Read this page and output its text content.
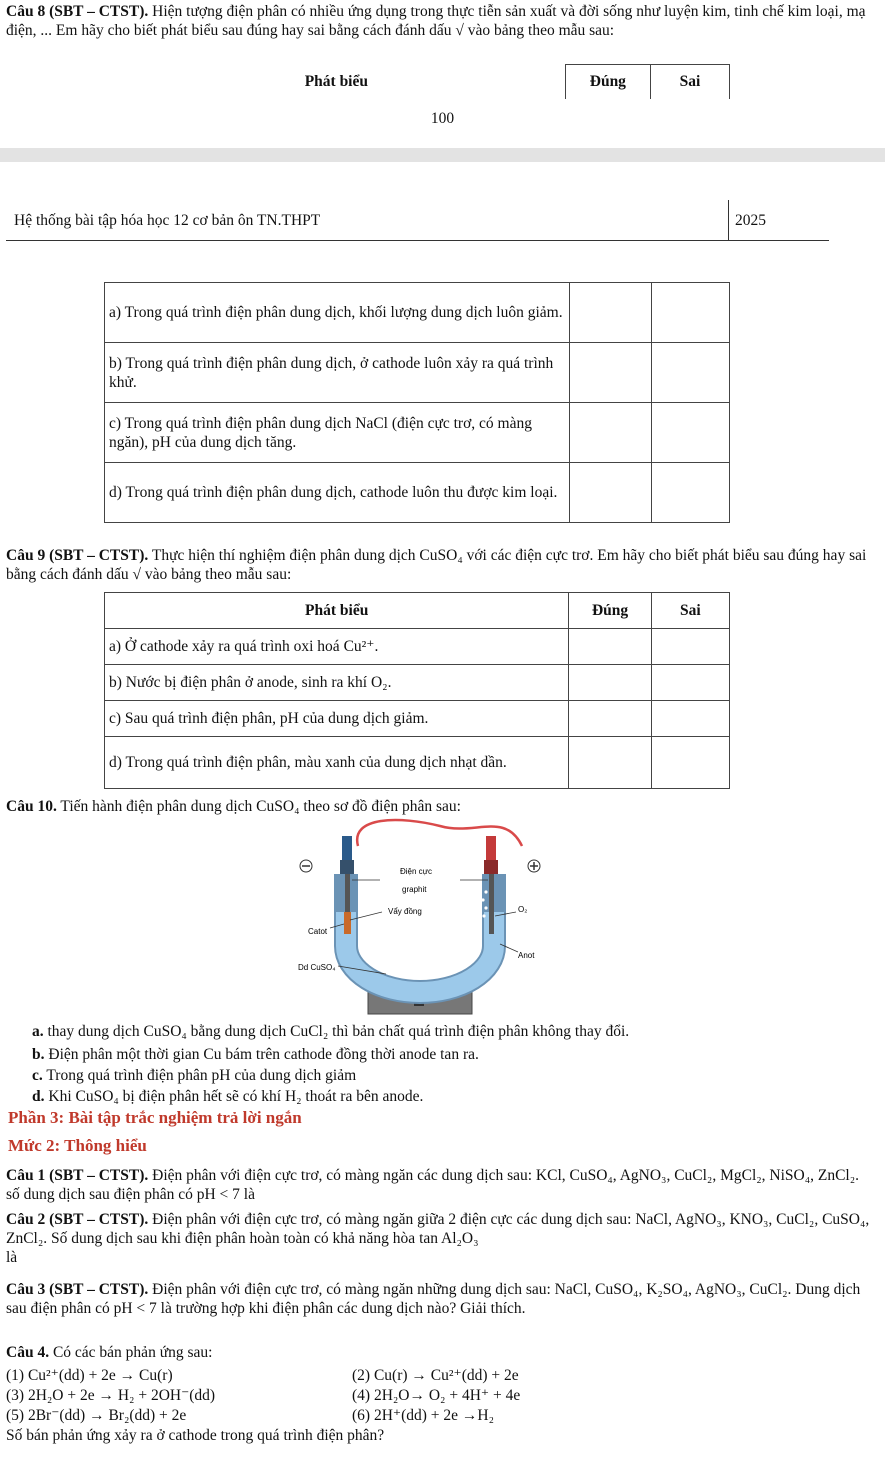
Câu 8 (SBT – CTST). Hiện tượng điện phân có nhiều ứng dụng trong thực tiễn sản xuất và đời sống như luyện kim, tinh chế kim loại, mạ điện, ... Em hãy cho biết phát biểu sau đúng hay sai bằng cách đánh dấu √ vào bảng theo mẫu sau:
Phát biểu	Đúng	Sai
100
Hệ thống bài tập hóa học 12 cơ bản ôn TN.THPT	2025
a) Trong quá trình điện phân dung dịch, khối lượng dung dịch luôn giảm.		
b) Trong quá trình điện phân dung dịch, ở cathode luôn xảy ra quá trình khử.		
c) Trong quá trình điện phân dung dịch NaCl (điện cực trơ, có màng ngăn), pH của dung dịch tăng.		
d) Trong quá trình điện phân dung dịch, cathode luôn thu được kim loại.		
Câu 9 (SBT – CTST). Thực hiện thí nghiệm điện phân dung dịch CuSO₄ với các điện cực trơ. Em hãy cho biết phát biểu sau đúng hay sai bằng cách đánh dấu √ vào bảng theo mẫu sau:
Phát biểu	Đúng	Sai
a) Ở cathode xảy ra quá trình oxi hoá Cu²⁺.		
b) Nước bị điện phân ở anode, sinh ra khí O₂.		
c) Sau quá trình điện phân, pH của dung dịch giảm.		
d) Trong quá trình điện phân, màu xanh của dung dịch nhạt dần.		
Câu 10. Tiến hành điện phân dung dịch CuSO₄ theo sơ đồ điện phân sau:
Điện cực
graphit
Vẩy đồng	O₂
Catot
Anot
Dd CuSO₄
a. thay dung dịch CuSO₄ bằng dung dịch CuCl₂ thì bản chất quá trình điện phân không thay đổi.
b. Điện phân một thời gian Cu bám trên cathode đồng thời anode tan ra.
c. Trong quá trình điện phân pH của dung dịch giảm
d. Khi CuSO₄ bị điện phân hết sẽ có khí H₂ thoát ra bên anode.
Phần 3: Bài tập trắc nghiệm trả lời ngắn
Mức 2: Thông hiểu
Câu 1 (SBT – CTST). Điện phân với điện cực trơ, có màng ngăn các dung dịch sau: KCl, CuSO₄, AgNO₃, CuCl₂, MgCl₂, NiSO₄, ZnCl₂. số dung dịch sau điện phân có pH < 7 là
Câu 2 (SBT – CTST). Điện phân với điện cực trơ, có màng ngăn giữa 2 điện cực các dung dịch sau: NaCl, AgNO₃, KNO₃, CuCl₂, CuSO₄, ZnCl₂. Số dung dịch sau khi điện phân hoàn toàn có khả năng hòa tan Al₂O₃
là
Câu 3 (SBT – CTST). Điện phân với điện cực trơ, có màng ngăn những dung dịch sau: NaCl, CuSO₄, K₂SO₄, AgNO₃, CuCl₂. Dung dịch sau điện phân có pH < 7 là trường hợp khi điện phân các dung dịch nào? Giải thích.
Câu 4. Có các bán phản ứng sau:
(1) Cu²⁺(dd) + 2e → Cu(r)	(2) Cu(r) → Cu²⁺(dd) + 2e
(3) 2H₂O + 2e → H₂ + 2OH⁻(dd)	(4) 2H₂O→ O₂ + 4H⁺ + 4e
(5) 2Br⁻(dd) → Br₂(dd) + 2e	(6) 2H⁺(dd) + 2e →H₂
Số bán phản ứng xảy ra ở cathode trong quá trình điện phân?
